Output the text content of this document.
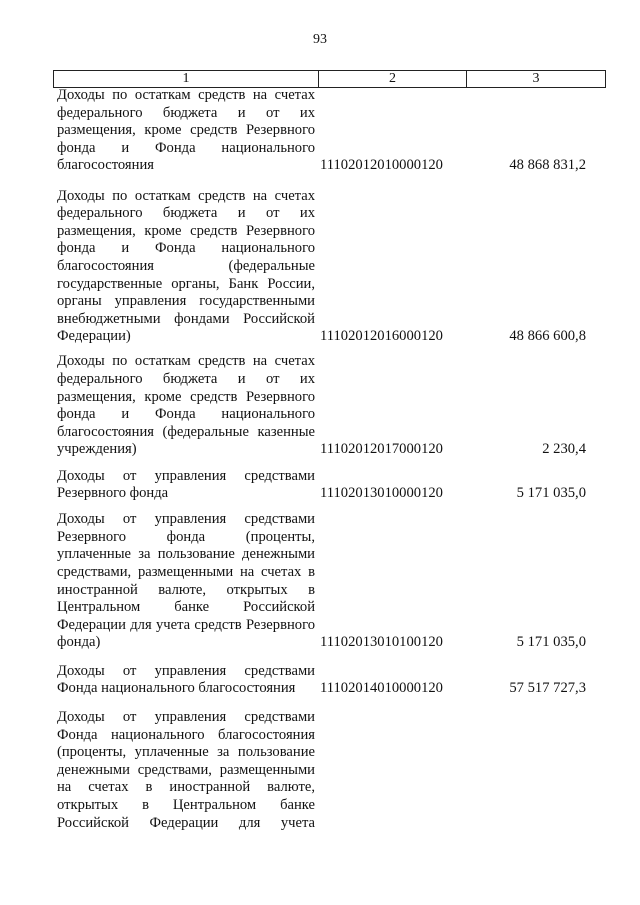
93
1	2	3
Доходы по остаткам средств на счетах федерального бюджета и от их размещения, кроме средств Резервного фонда и Фонда национального благосостояния	11102012010000120	48 868 831,2
Доходы по остаткам средств на счетах федерального бюджета и от их размещения, кроме средств Резервного фонда и Фонда национального благосостояния (федеральные государственные органы, Банк России, органы управления государственными внебюджетными фондами Российской Федерации)	11102012016000120	48 866 600,8
Доходы по остаткам средств на счетах федерального бюджета и от их размещения, кроме средств Резервного фонда и Фонда национального благосостояния (федеральные казенные учреждения)	11102012017000120	2 230,4
Доходы от управления средствами Резервного фонда	11102013010000120	5 171 035,0
Доходы от управления средствами Резервного фонда (проценты, уплаченные за пользование денежными средствами, размещенными на счетах в иностранной валюте, открытых в Центральном банке Российской Федерации для учета средств Резервного фонда)	11102013010100120	5 171 035,0
Доходы от управления средствами Фонда национального благосостояния	11102014010000120	57 517 727,3
Доходы от управления средствами Фонда национального благосостояния (проценты, уплаченные за пользование денежными средствами, размещенными на счетах в иностранной валюте, открытых в Центральном банке Российской Федерации для учета
